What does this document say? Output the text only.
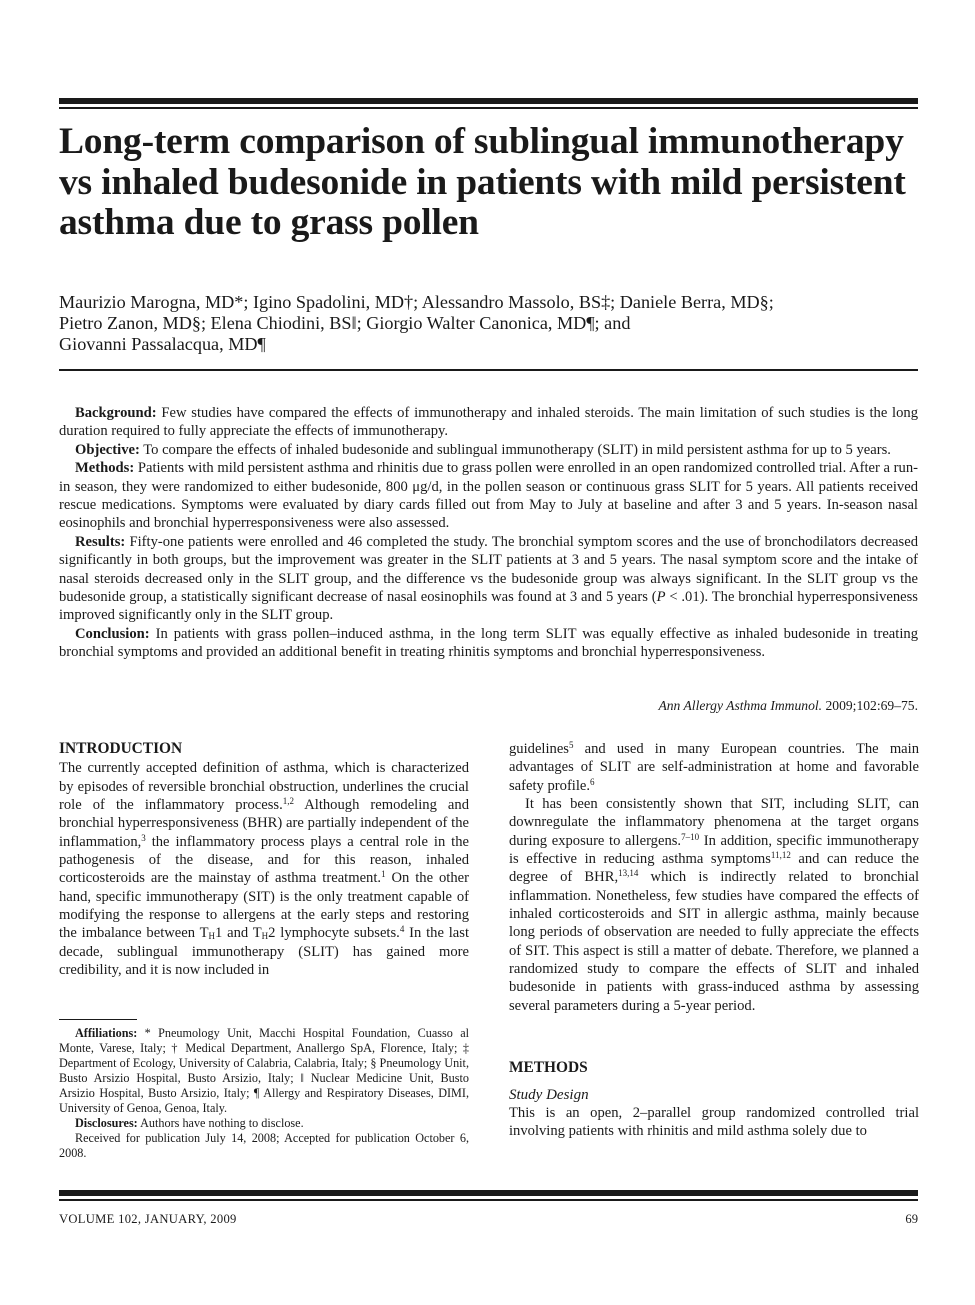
Long-term comparison of sublingual immunotherapy vs inhaled budesonide in patients with mild persistent asthma due to grass pollen
Maurizio Marogna, MD*; Igino Spadolini, MD†; Alessandro Massolo, BS‡; Daniele Berra, MD§;
Pietro Zanon, MD§; Elena Chiodini, BS‖; Giorgio Walter Canonica, MD¶; and
Giovanni Passalacqua, MD¶

Background: Few studies have compared the effects of immunotherapy and inhaled steroids. The main limitation of such studies is the long duration required to fully appreciate the effects of immunotherapy.

Objective: To compare the effects of inhaled budesonide and sublingual immunotherapy (SLIT) in mild persistent asthma for up to 5 years.

Methods: Patients with mild persistent asthma and rhinitis due to grass pollen were enrolled in an open randomized controlled trial. After a run-in season, they were randomized to either budesonide, 800 μg/d, in the pollen season or continuous grass SLIT for 5 years. All patients received rescue medications. Symptoms were evaluated by diary cards filled out from May to July at baseline and after 3 and 5 years. In-season nasal eosinophils and bronchial hyperresponsiveness were also assessed.

Results: Fifty-one patients were enrolled and 46 completed the study. The bronchial symptom scores and the use of bronchodilators decreased significantly in both groups, but the improvement was greater in the SLIT patients at 3 and 5 years. The nasal symptom score and the intake of nasal steroids decreased only in the SLIT group, and the difference vs the budesonide group was always significant. In the SLIT group vs the budesonide group, a statistically significant decrease of nasal eosinophils was found at 3 and 5 years (P < .01). The bronchial hyperresponsiveness improved significantly only in the SLIT group.

Conclusion: In patients with grass pollen–induced asthma, in the long term SLIT was equally effective as inhaled budesonide in treating bronchial symptoms and provided an additional benefit in treating rhinitis symptoms and bronchial hyperresponsiveness.

Ann Allergy Asthma Immunol. 2009;102:69–75.
INTRODUCTION

The currently accepted definition of asthma, which is characterized by episodes of reversible bronchial obstruction, underlines the crucial role of the inflammatory process.$^{1,2}$ Although remodeling and bronchial hyperresponsiveness (BHR) are partially independent of the inflammation,$^3$ the inflammatory process plays a central role in the pathogenesis of the disease, and for this reason, inhaled corticosteroids are the mainstay of asthma treatment.$^1$ On the other hand, specific immunotherapy (SIT) is the only treatment capable of modifying the response to allergens at the early steps and restoring the imbalance between $T_H1$ and $T_H2$ lymphocyte subsets.$^4$ In the last decade, sublingual immunotherapy (SLIT) has gained more credibility, and it is now included in

Affiliations: * Pneumology Unit, Macchi Hospital Foundation, Cuasso al Monte, Varese, Italy; † Medical Department, Anallergo SpA, Florence, Italy; ‡ Department of Ecology, University of Calabria, Calabria, Italy; § Pneumology Unit, Busto Arsizio Hospital, Busto Arsizio, Italy; ‖ Nuclear Medicine Unit, Busto Arsizio Hospital, Busto Arsizio, Italy; ¶ Allergy and Respiratory Diseases, DIMI, University of Genoa, Genoa, Italy.

Disclosures: Authors have nothing to disclose.

Received for publication July 14, 2008; Accepted for publication October 6, 2008.

guidelines$^5$ and used in many European countries. The main advantages of SLIT are self-administration at home and favorable safety profile.$^6$

It has been consistently shown that SIT, including SLIT, can downregulate the inflammatory phenomena at the target organs during exposure to allergens.$^{7-10}$ In addition, specific immunotherapy is effective in reducing asthma symptoms$^{11,12}$ and can reduce the degree of BHR,$^{13,14}$ which is indirectly related to bronchial inflammation. Nonetheless, few studies have compared the effects of inhaled corticosteroids and SIT in allergic asthma, mainly because long periods of observation are needed to fully appreciate the effects of SIT. This aspect is still a matter of debate. Therefore, we planned a randomized study to compare the effects of SLIT and inhaled budesonide in patients with grass-induced asthma by assessing several parameters during a 5-year period.

METHODS
Study Design

This is an open, 2–parallel group randomized controlled trial involving patients with rhinitis and mild asthma solely due to

VOLUME 102, JANUARY, 2009	69
